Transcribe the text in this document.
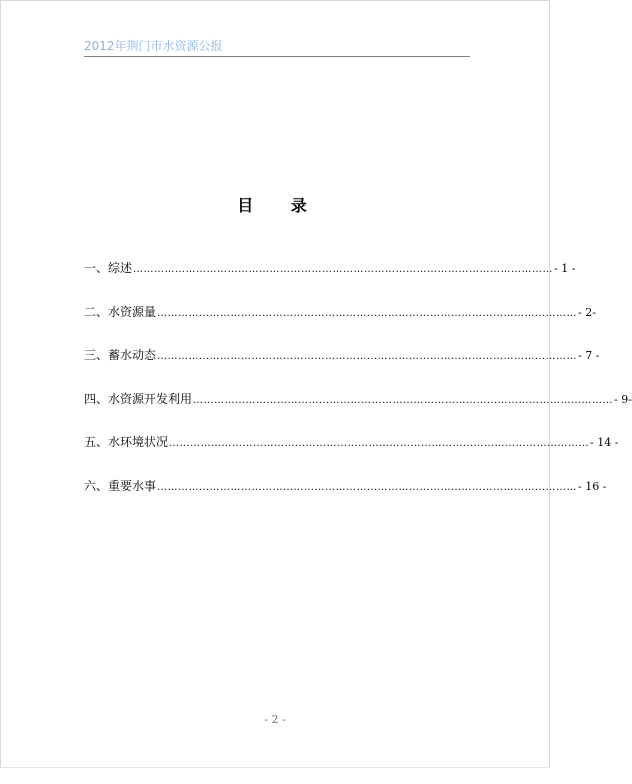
2012年荆门市水资源公报
目 录
一、综述 ………………………………………………………………………………………………………… - 1 -
二、水资源量 ………………………………………………………………………………………………………… - 2-
三、蓄水动态 ………………………………………………………………………………………………………… - 7 -
四、水资源开发利用 ………………………………………………………………………………………………………… - 9-
五、水环境状况 ………………………………………………………………………………………………………… - 14 -
六、重要水事 ………………………………………………………………………………………………………… - 16 -
- 2 -
